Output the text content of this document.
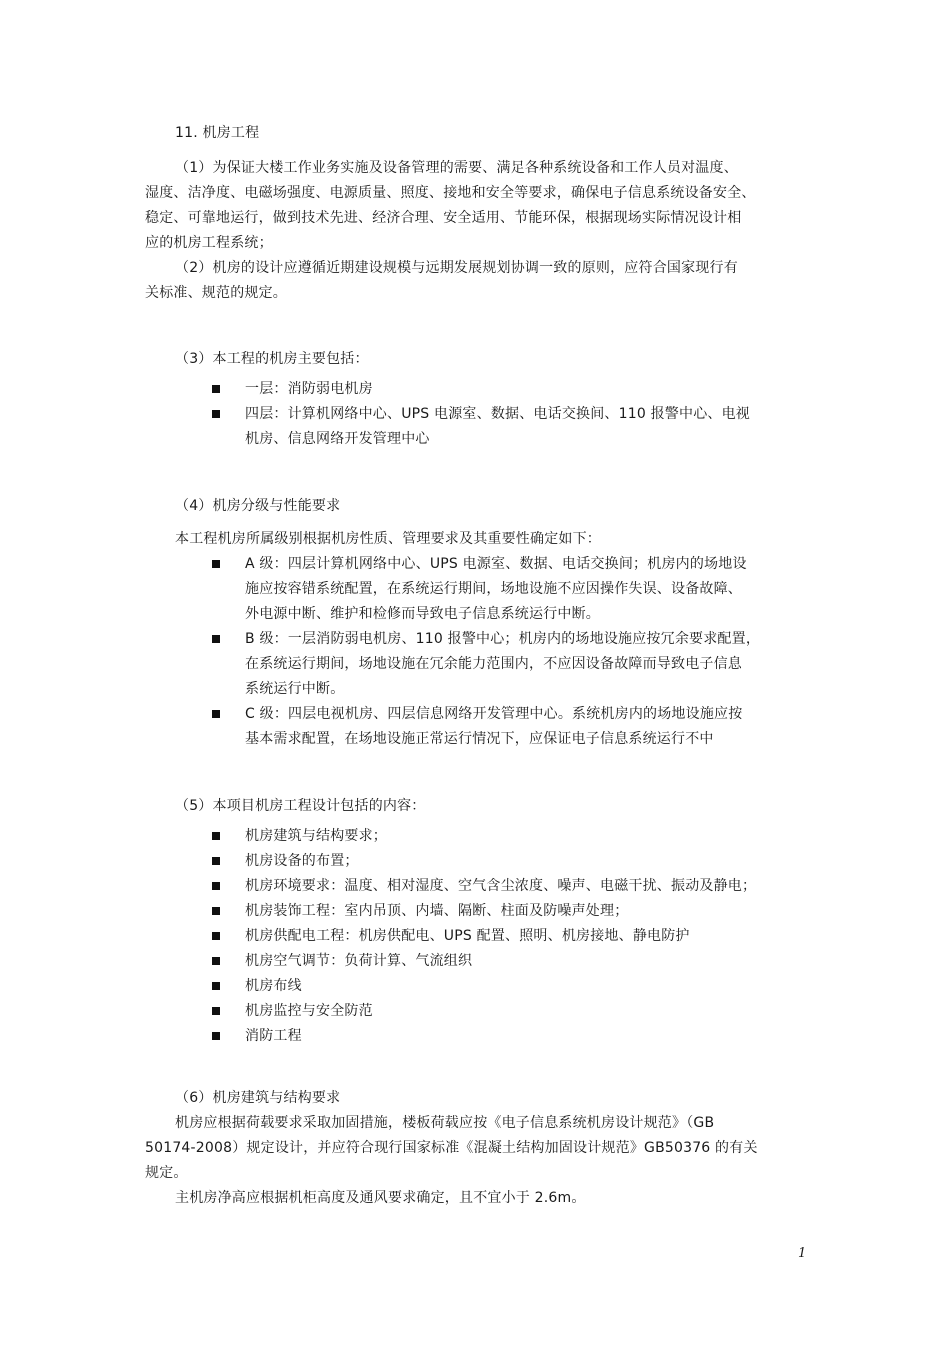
11. 机房工程
（1）为保证大楼工作业务实施及设备管理的需要、满足各种系统设备和工作人员对温度、
湿度、洁净度、电磁场强度、电源质量、照度、接地和安全等要求，确保电子信息系统设备安全、
稳定、可靠地运行，做到技术先进、经济合理、安全适用、节能环保，根据现场实际情况设计相
应的机房工程系统；
（2）机房的设计应遵循近期建设规模与远期发展规划协调一致的原则，应符合国家现行有
关标准、规范的规定。
（3）本工程的机房主要包括：
一层：消防弱电机房
四层：计算机网络中心、UPS 电源室、数据、电话交换间、110 报警中心、电视
机房、信息网络开发管理中心
（4）机房分级与性能要求
本工程机房所属级别根据机房性质、管理要求及其重要性确定如下：
A 级：四层计算机网络中心、UPS 电源室、数据、电话交换间；机房内的场地设
施应按容错系统配置，在系统运行期间，场地设施不应因操作失误、设备故障、
外电源中断、维护和检修而导致电子信息系统运行中断。
B 级：一层消防弱电机房、110 报警中心；机房内的场地设施应按冗余要求配置，
在系统运行期间，场地设施在冗余能力范围内，不应因设备故障而导致电子信息
系统运行中断。
C 级：四层电视机房、四层信息网络开发管理中心。系统机房内的场地设施应按
基本需求配置，在场地设施正常运行情况下，应保证电子信息系统运行不中
（5）本项目机房工程设计包括的内容：
机房建筑与结构要求；
机房设备的布置；
机房环境要求：温度、相对湿度、空气含尘浓度、噪声、电磁干扰、振动及静电；
机房装饰工程：室内吊顶、内墙、隔断、柱面及防噪声处理；
机房供配电工程：机房供配电、UPS 配置、照明、机房接地、静电防护
机房空气调节：负荷计算、气流组织
机房布线
机房监控与安全防范
消防工程
（6）机房建筑与结构要求
机房应根据荷载要求采取加固措施，楼板荷载应按《电子信息系统机房设计规范》（GB
50174-2008）规定设计，并应符合现行国家标准《混凝土结构加固设计规范》GB50376 的有关
规定。
主机房净高应根据机柜高度及通风要求确定，且不宜小于 2.6m。
1
